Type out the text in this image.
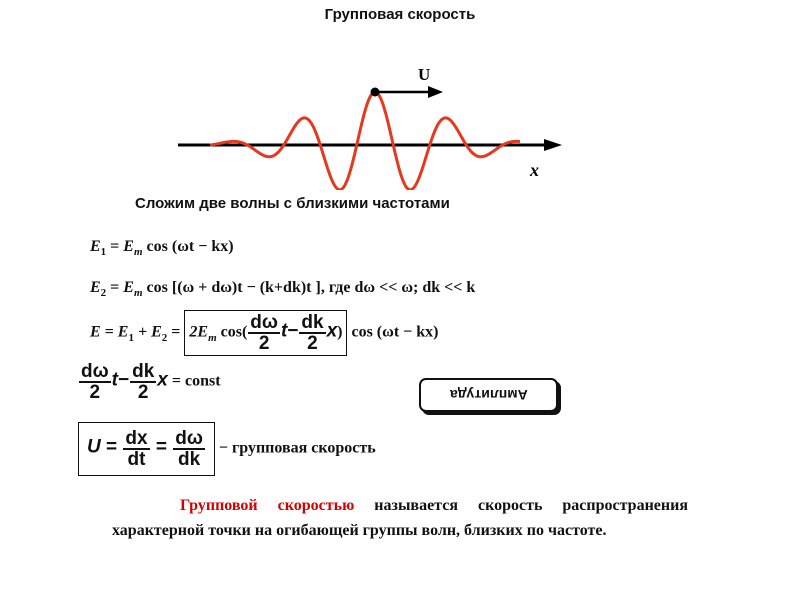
Групповая скорость
U
x
Сложим две волны с близкими частотами
$E_1 = E_m$ cos (ωt − kx)
$E_2 = E_m$ cos [(ω + dω)t − (k+dk)t ], где dω << ω; dk << k
$E = E_1 + E_2 = 2E_m$ $\cos( \frac{d\omega}{2} t- \frac{dk}{2} x)$ cos (ωt − kx)
$\frac{d\omega}{2} t- \frac{dk}{2}$ x = const
Амплитуда
$U = \frac{dx}{dt} = \frac{d\omega}{dk}$ − групповая скорость
Групповой скоростью называется скорость распространения характерной точки на огибающей группы волн, близких по частоте.
